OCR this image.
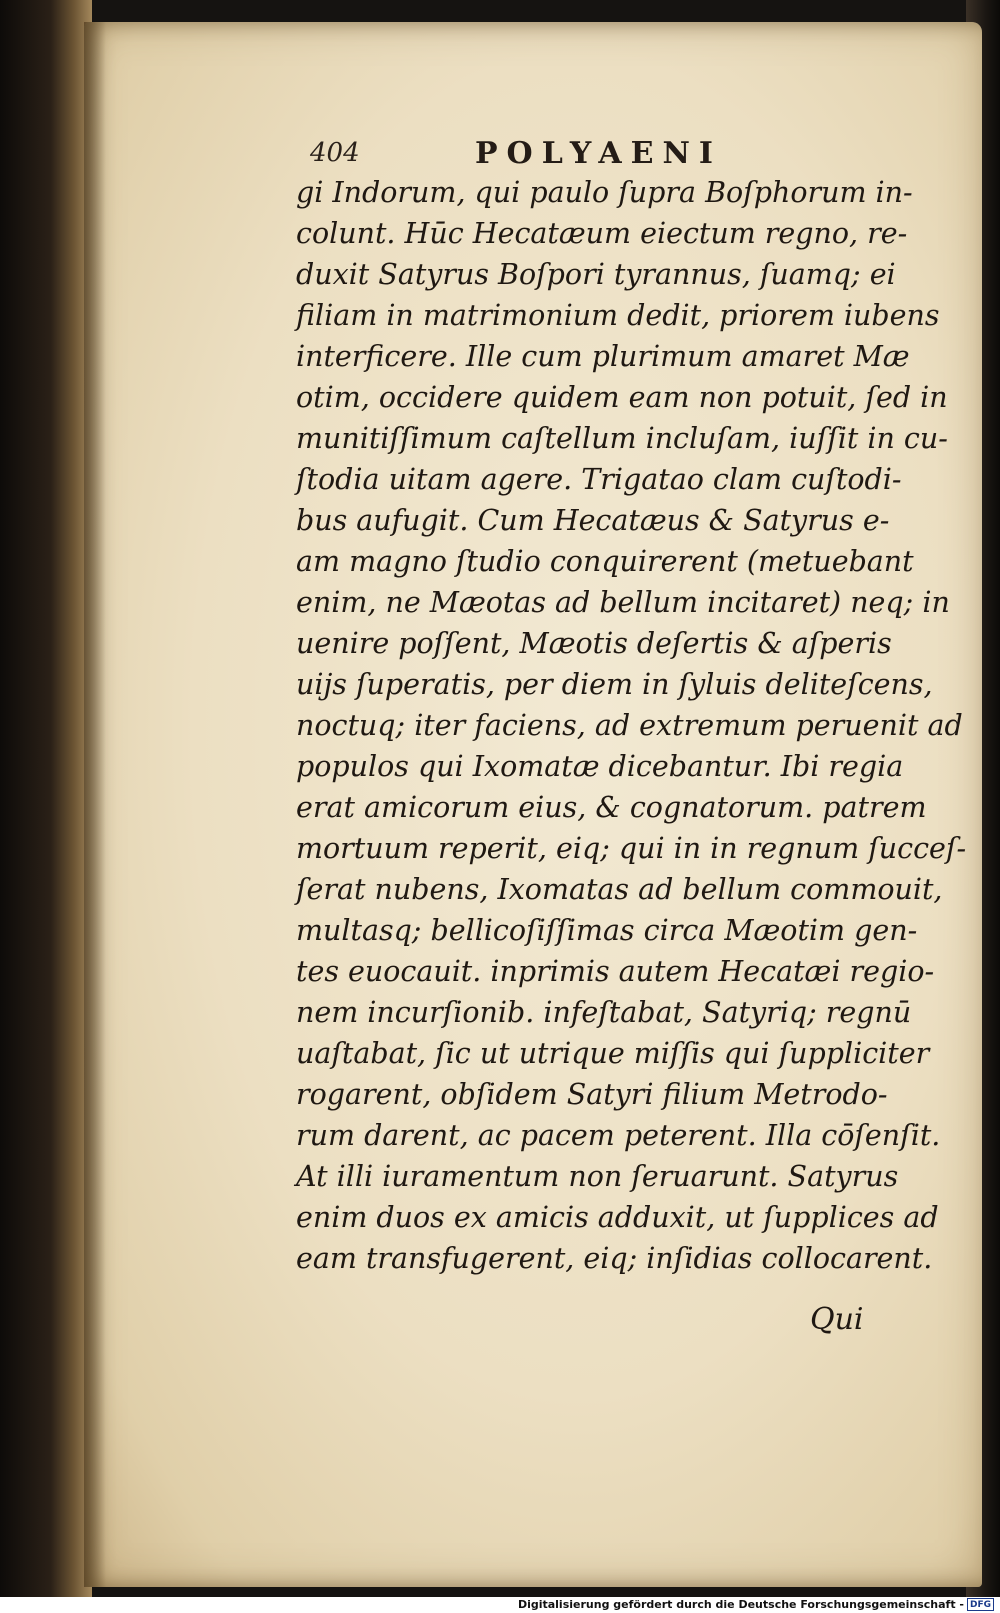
404	POLYAENI
gi Indorum, qui paulo ſupra Boſphorum in-
colunt. Hūc Hecatæum eiectum regno, re-
duxit Satyrus Boſpori tyrannus, ſuamq; ei
filiam in matrimonium dedit, priorem iubens
interficere. Ille cum plurimum amaret Mæ
otim, occidere quidem eam non potuit, ſed in
munitiſſimum caſtellum incluſam, iuſſit in cu-
ſtodia uitam agere. Trigatao clam cuſtodi-
bus aufugit. Cum Hecatæus & Satyrus e-
am magno ſtudio conquirerent (metuebant
enim, ne Mæotas ad bellum incitaret) neq; in
uenire poſſent, Mæotis deſertis & aſperis
uijs ſuperatis, per diem in ſyluis deliteſcens,
noctuq; iter faciens, ad extremum peruenit ad
populos qui Ixomatæ dicebantur. Ibi regia
erat amicorum eius, & cognatorum. patrem
mortuum reperit, eiq; qui in in regnum ſucceſ-
ſerat nubens, Ixomatas ad bellum commouit,
multasq; bellicoſiſſimas circa Mæotim gen-
tes euocauit. inprimis autem Hecatæi regio-
nem incurſionib. infeſtabat, Satyriq; regnū
uaſtabat, ſic ut utrique miſſis qui ſuppliciter
rogarent, obſidem Satyri filium Metrodo-
rum darent, ac pacem peterent. Illa cōſenſit.
At illi iuramentum non ſeruarunt. Satyrus
enim duos ex amicis adduxit, ut ſupplices ad
eam transfugerent, eiq; inſidias collocarent.
Qui
Digitalisierung gefördert durch die Deutsche Forschungsgemeinschaft - DFG
